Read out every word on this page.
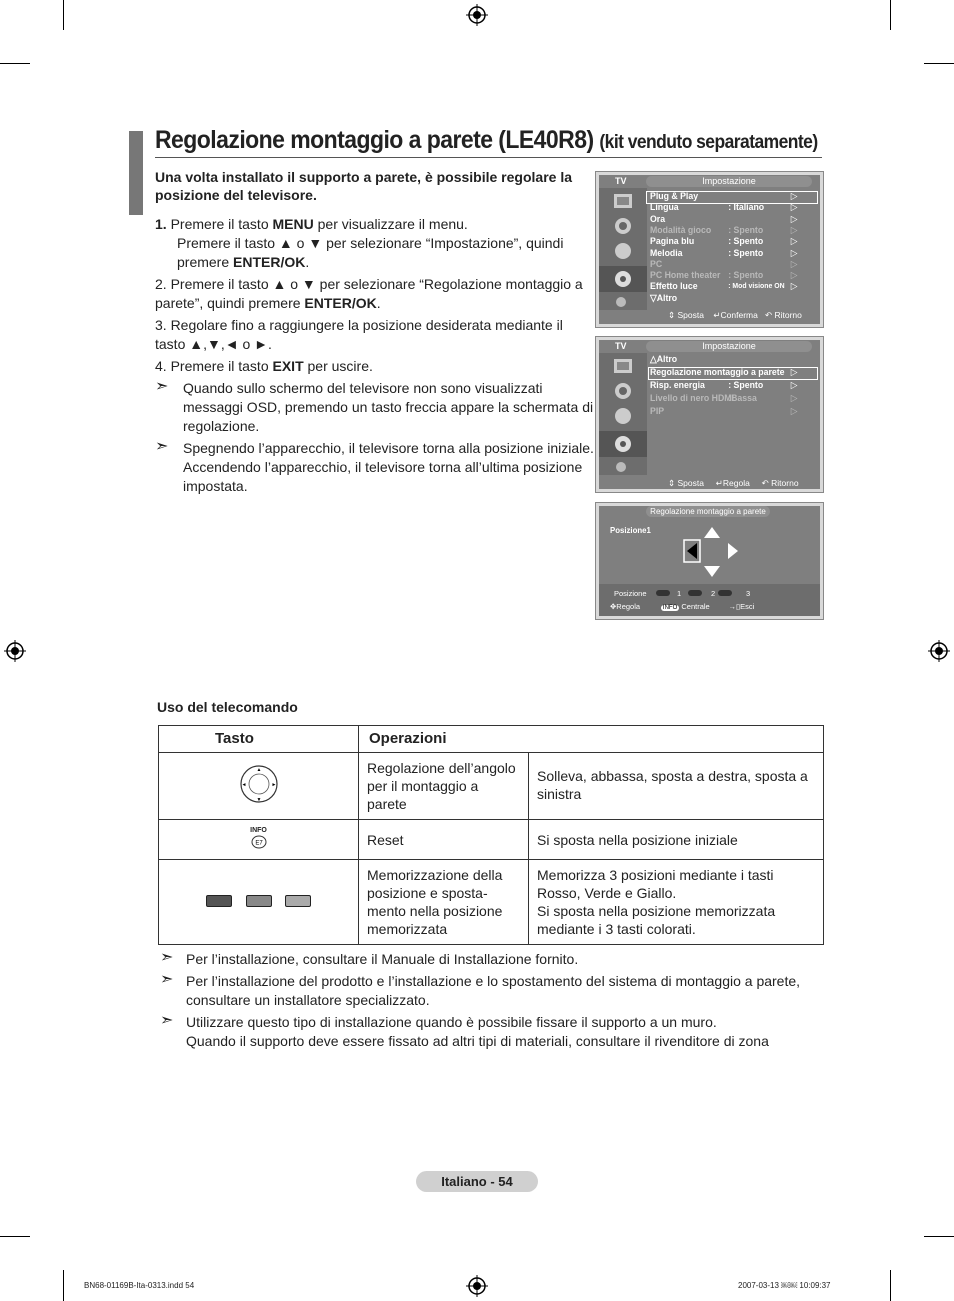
Regolazione montaggio a parete (LE40R8) (kit venduto separatamente)
Una volta installato il supporto a parete, è possibile regolare la posizione del televisore.

1. Premere il tasto MENU per visualizzare il menu.

Premere il tasto ▲ o ▼ per selezionare “Impostazione”, quindi premere ENTER/OK.

2. Premere il tasto ▲ o ▼ per selezionare “Regolazione montaggio a parete”, quindi premere ENTER/OK.

3. Regolare fino a raggiungere la posizione desiderata mediante il tasto ▲,▼,◄ o ►.

4. Premere il tasto EXIT per uscire.

➣ Quando sullo schermo del televisore non sono visualizzati messaggi OSD, premendo un tasto freccia appare la schermata di regolazione.
➣ Spegnendo l’apparecchio, il televisore torna alla posizione iniziale.
Accendendo l’apparecchio, il televisore torna all’ultima posizione impostata.
TV	Impostazione
⇕ Sposta ↵Conferma ↶ Ritorno
Plug & Play	▷
Lingua	: Italiano	▷
Ora	▷
Modalità gioco : Spento	▷
Pagina blu	: Spento	▷
Melodia	: Spento	▷
PC	▷
PC Home theater : Spento	▷
Effetto luce	: Mod visione ON ▷
▽Altro
TV	Impostazione
⇕ Sposta ↵Regola ↶ Ritorno
△Altro
Regolazione montaggio a parete ▷
Risp. energia : Spento	▷
Livello di nero HDMI
:Bassa	▷
PIP	▷
Regolazione montaggio a parete
Posizione1
Posizione	1	2	3
✥Regola	INFO Centrale	→▯Esci
Uso del telecomando
Tasto	Operazioni	

▲
▼
◄ ►	Regolazione dell’angolo per il montaggio a parete	Solleva, abbassa, sposta a destra, sposta a sinistra

INFO
E7	Reset	Si sposta nella posizione iniziale
	Memorizzazione della posizione e sposta-mento nella posizione memorizzata	Memorizza 3 posizioni mediante i tasti Rosso, Verde e Giallo.
Si sposta nella posizione memorizzata mediante i 3 tasti colorati.
➣ Per l’installazione, consultare il Manuale di Installazione fornito.
➣ Per l’installazione del prodotto e l’installazione e lo spostamento del sistema di montaggio a parete, consultare un installatore specializzato.
➣ Utilizzare questo tipo di installazione quando è possibile fissare il supporto a un muro.
Quando il supporto deve essere fissato ad altri tipi di materiali, consultare il rivenditore di zona
Italiano - 54
BN68-01169B-Ita-0313.indd 54	2007-03-13 ￼￼ 10:09:37
